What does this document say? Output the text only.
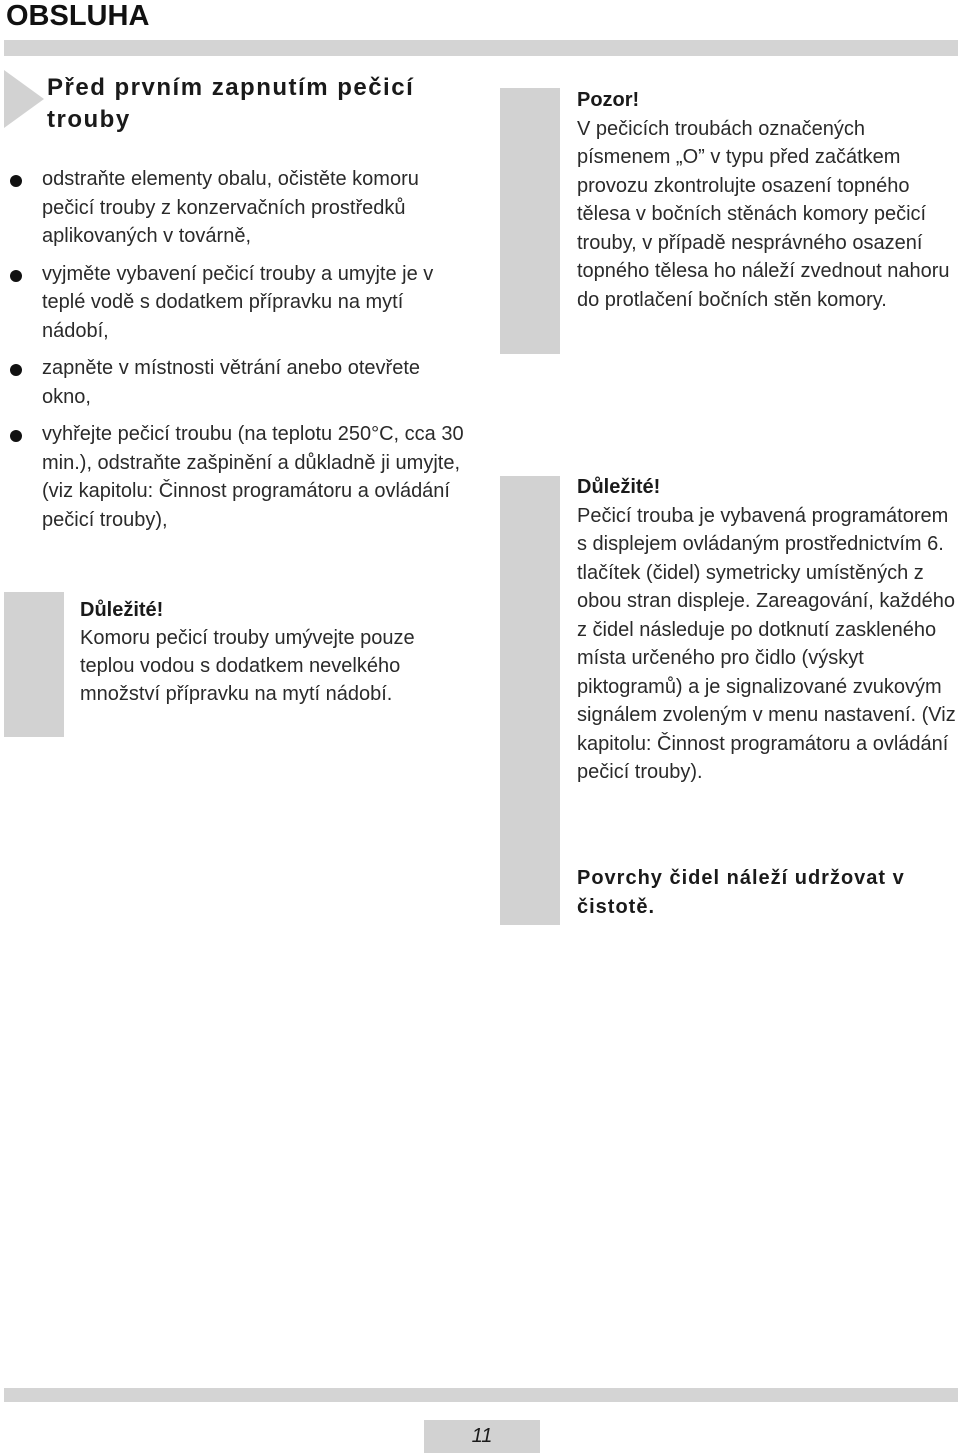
OBSLUHA
Před prvním zapnutím pečicí trouby
odstraňte elementy obalu, očistěte komoru pečicí trouby z konzervačních prostředků aplikovaných v továrně,
vyjměte vybavení pečicí trouby a umyjte je v teplé vodě s dodatkem přípravku na mytí nádobí,
zapněte v místnosti větrání anebo otevřete okno,
vyhřejte pečicí troubu (na teplotu 250°C, cca 30 min.), odstraňte zašpinění a důkladně ji umyjte,(viz kapitolu: Činnost programátoru a ovládání pečicí trouby),
Důležité!
Komoru pečicí trouby umývejte pouze teplou vodou s dodatkem nevelkého množství přípravku na mytí nádobí.
Pozor!
V pečicích troubách označených písmenem „O” v typu před začátkem provozu zkontrolujte osazení topného tělesa v bočních stěnách komory pečicí trouby, v případě nesprávného osazení topného tělesa ho náleží zvednout nahoru do protlačení bočních stěn komory.
Důležité!
Pečicí trouba je vybavená programátorem s displejem ovládaným prostřednictvím 6. tlačítek (čidel) symetricky umístěných z obou stran displeje. Zareagování, každého z čidel následuje po dotknutí zaskleného místa určeného pro čidlo (výskyt piktogramů) a je signalizované zvukovým signálem zvoleným v menu nastavení. (Viz kapitolu: Činnost programátoru a ovládání pečicí trouby).
Povrchy čidel náleží udržovat v čistotě.
11
